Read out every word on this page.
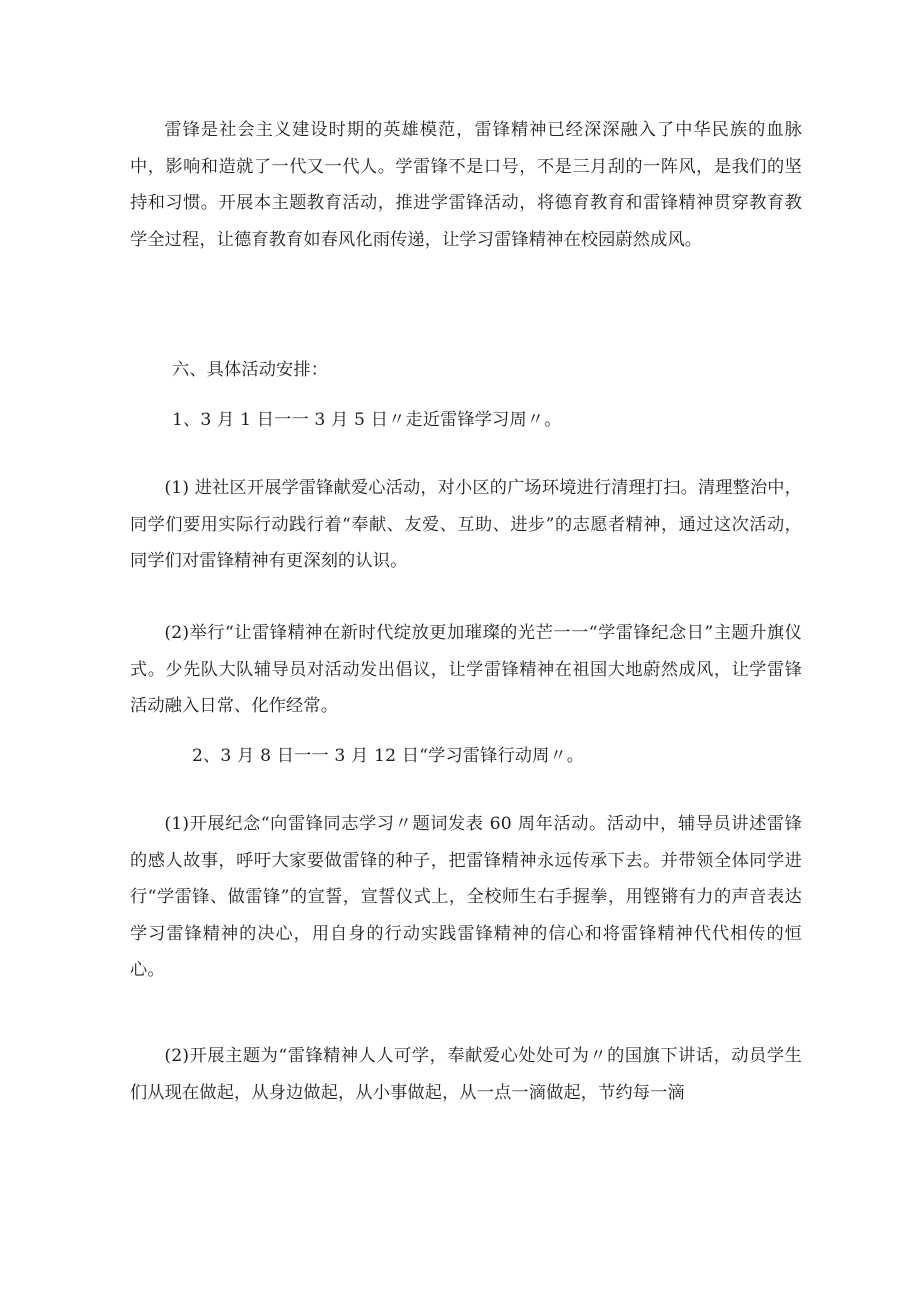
雷锋是社会主义建设时期的英雄模范，雷锋精神已经深深融入了中华民族的血脉中，影响和造就了一代又一代人。学雷锋不是口号，不是三月刮的一阵风，是我们的坚持和习惯。开展本主题教育活动，推进学雷锋活动，将德育教育和雷锋精神贯穿教育教学全过程，让德育教育如春风化雨传递，让学习雷锋精神在校园蔚然成风。

六、具体活动安排：

1、3 月 1 日一一 3 月 5 日〃走近雷锋学习周〃。

(1) 进社区开展学雷锋献爱心活动，对小区的广场环境进行清理打扫。清理整治中，同学们要用实际行动践行着“奉献、友爱、互助、进步”的志愿者精神，通过这次活动，同学们对雷锋精神有更深刻的认识。

(2)举行“让雷锋精神在新时代绽放更加璀璨的光芒一一“学雷锋纪念日”主题升旗仪式。少先队大队辅导员对活动发出倡议，让学雷锋精神在祖国大地蔚然成风，让学雷锋活动融入日常、化作经常。

2、3 月 8 日一一 3 月 12 日“学习雷锋行动周〃。

(1)开展纪念“向雷锋同志学习〃题词发表 60 周年活动。活动中，辅导员讲述雷锋的感人故事，呼吁大家要做雷锋的种子，把雷锋精神永远传承下去。并带领全体同学进行“学雷锋、做雷锋”的宣誓，宣誓仪式上，全校师生右手握拳，用铿锵有力的声音表达学习雷锋精神的决心，用自身的行动实践雷锋精神的信心和将雷锋精神代代相传的恒心。

(2)开展主题为“雷锋精神人人可学，奉献爱心处处可为〃的国旗下讲话，动员学生们从现在做起，从身边做起，从小事做起，从一点一滴做起，节约每一滴
